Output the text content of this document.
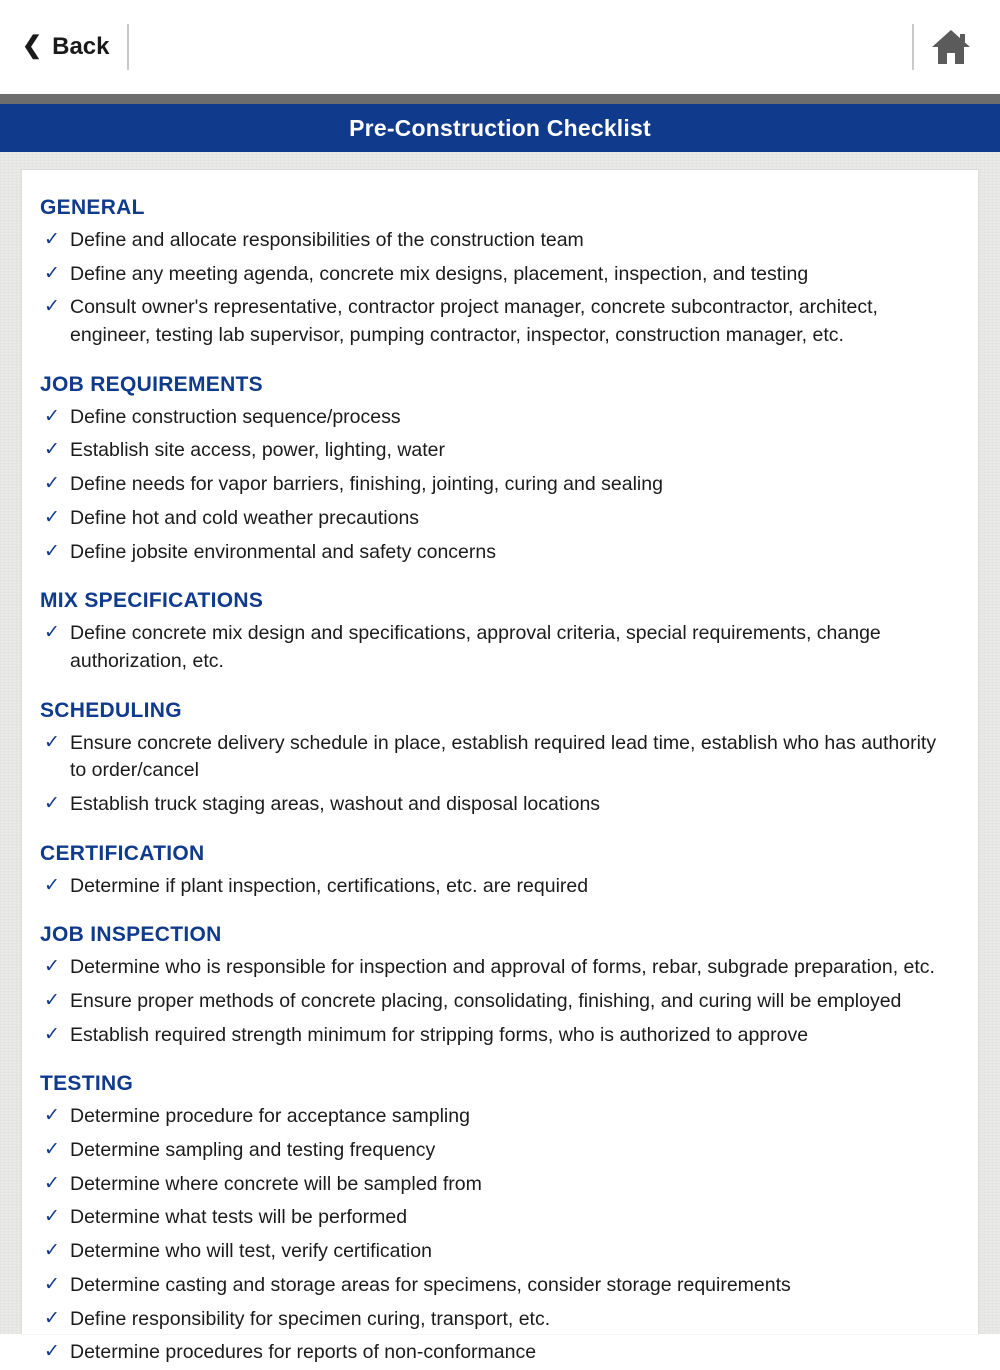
❮ Back
Pre-Construction Checklist
GENERAL
✓ Define and allocate responsibilities of the construction team
✓ Define any meeting agenda, concrete mix designs, placement, inspection, and testing
✓ Consult owner's representative, contractor project manager, concrete subcontractor, architect, engineer, testing lab supervisor, pumping contractor, inspector, construction manager, etc.
JOB REQUIREMENTS
✓ Define construction sequence/process
✓ Establish site access, power, lighting, water
✓ Define needs for vapor barriers, finishing, jointing, curing and sealing
✓ Define hot and cold weather precautions
✓ Define jobsite environmental and safety concerns
MIX SPECIFICATIONS
✓ Define concrete mix design and specifications, approval criteria, special requirements, change authorization, etc.
SCHEDULING
✓ Ensure concrete delivery schedule in place, establish required lead time, establish who has authority to order/cancel
✓ Establish truck staging areas, washout and disposal locations
CERTIFICATION
✓ Determine if plant inspection, certifications, etc. are required
JOB INSPECTION
✓ Determine who is responsible for inspection and approval of forms, rebar, subgrade preparation, etc.
✓ Ensure proper methods of concrete placing, consolidating, finishing, and curing will be employed
✓ Establish required strength minimum for stripping forms, who is authorized to approve
TESTING
✓ Determine procedure for acceptance sampling
✓ Determine sampling and testing frequency
✓ Determine where concrete will be sampled from
✓ Determine what tests will be performed
✓ Determine who will test, verify certification
✓ Determine casting and storage areas for specimens, consider storage requirements
✓ Define responsibility for specimen curing, transport, etc.
✓ Determine procedures for reports of non-conformance
